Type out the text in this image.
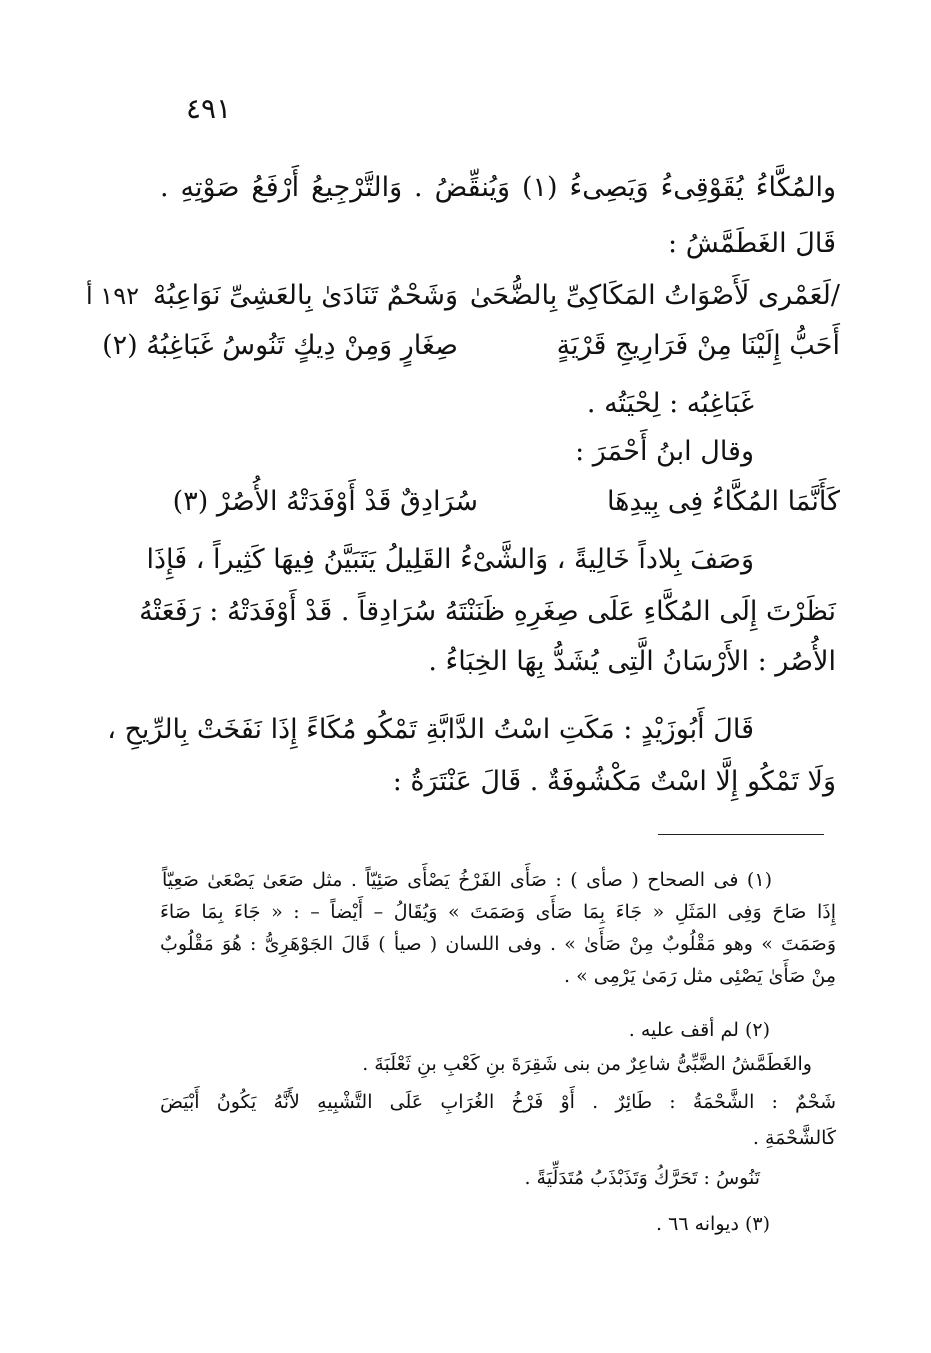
٤٩١
والمُكَّاءُ يُقَوْقِىءُ وَيَصِىءُ (١) وَيُنقِّضُ . وَالتَّرْجِيعُ أَرْفَعُ صَوْتِهِ .
قَالَ الغَطَمَّشُ :
١٩٢ أ	/لَعَمْرى لَأَصْوَاتُ المَكَاكِىِّ بِالضُّحَىٰوَشَحْمٌ تَنَادَىٰ بِالعَشِىِّ نَوَاعِبُهْ
أَحَبُّ إِلَيْنَا مِنْ فَرَارِيجِ قَرْيَةٍصِغَارٍ وَمِنْ دِيكٍ تَنُوسُ غَبَاغِبُهُ (٢)
غَبَاغِبُه : لِحْيَتُه .
وقال ابنُ أَحْمَرَ :
كَأَنَّمَا المُكَّاءُ فِى بِيدِهَاسُرَادِقٌ قَدْ أَوْفَدَتْهُ الأُصُرْ (٣)
وَصَفَ بِلاداً خَالِيةً ، وَالشَّىْءُ القَلِيلُ يَتَبَيَّنُ فِيهَا كَثِيراً ، فَإِذَا
نَظَرْتَ إِلَى المُكَّاءِ عَلَى صِغَرِهِ ظَنَنْتَهُ سُرَادِقاً . قَدْ أَوْفَدَتْهُ : رَفَعَتْهُ
الأُصُر : الأَرْسَانُ الَّتِى يُشَدُّ بِهَا الخِبَاءُ .
قَالَ أَبُوزَيْدٍ : مَكَتِ اسْتُ الدَّابَّةِ تَمْكُو مُكَاءً إِذَا نَفَخَتْ بِالرِّيحِ ،
وَلَا تَمْكُو إِلَّا اسْتٌ مَكْشُوفَةٌ . قَالَ عَنْتَرَةُ :
(١) فى الصحاح ( صأى ) : صَأَى الفَرْخُ يَصْأَى صَئِيّاً . مثل صَعَىٰ يَصْعَىٰ صَعِيّاً
إِذَا صَاحَ وَفِى المَثَلِ « جَاءَ بِمَا صَأَى وَصَمَتَ » وَيُقَالُ – أَيْضاً – : « جَاءَ بِمَا صَاءَ
وَصَمَتَ » وهو مَقْلُوبٌ مِنْ صَأَىٰ » . وفى اللسان ( صيأ ) قَالَ الجَوْهَرِىُّ : هُوَ مَقْلُوبٌ
مِنْ صَأَىٰ يَصْئِى مثل رَمَىٰ يَرْمِى » .
(٢) لم أقف عليه .
والغَطَمَّشُ الضَّبِّىُّ شاعِرٌ من بنى شَقِرَةَ بنِ كَعْبِ بنِ ثَعْلَبَةَ .
شَحْمٌ : الشَّحْمَةُ : طَائِرٌ . أَوْ فَرْخُ الغُرَابِ عَلَى التَّشْبِيهِ لأَنَّهُ يَكُونُ أَبْيَضَ
كَالشَّحْمَةِ .
تَنُوسُ : تَحَرَّكُ وَتَذَبْذَبُ مُتَدَلِّيَةً .
(٣) ديوانه ٦٦ .
